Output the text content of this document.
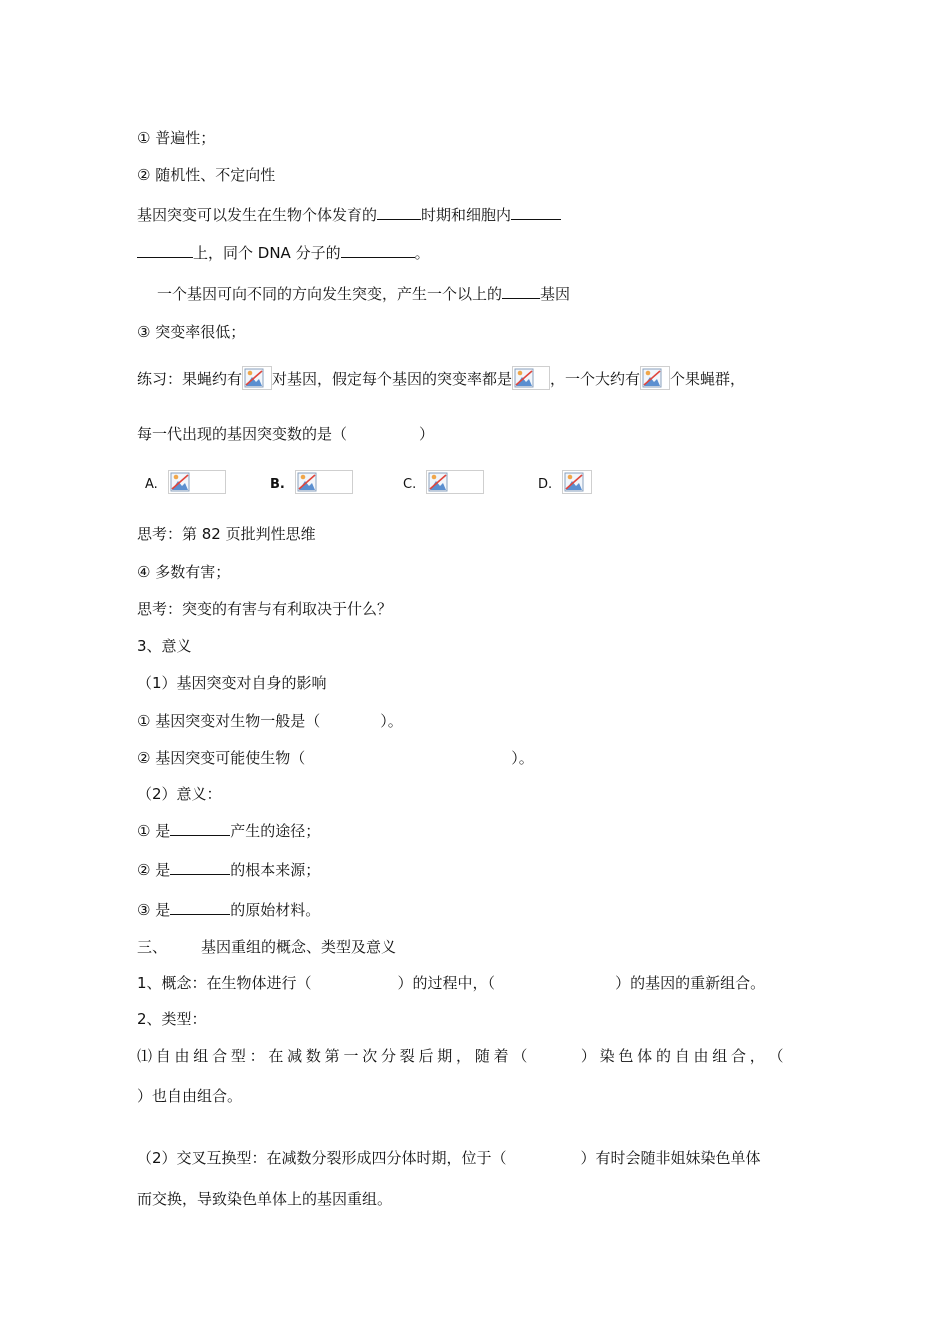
① 普遍性；
② 随机性、不定向性
基因突变可以发生在生物个体发育的	时期和细胞内
上，同个 DNA 分子的	。
一个基因可向不同的方向发生突变，产生一个以上的	基因
③ 突变率很低；
练习：果蝇约有 对基因，假定每个基因的突变率都是	，一个大约有 个果蝇群，
每一代出现的基因突变数的是（	）
A.	B.	C.	D.
思考：第 82 页批判性思维
④ 多数有害；
思考：突变的有害与有利取决于什么？
3、意义
（1）基因突变对自身的影响
① 基因突变对生物一般是（	）。
② 基因突变可能使生物（	）。
（2）意义：
① 是	产生的途径；
② 是	的根本来源；
③ 是	的原始材料。
三、 基因重组的概念、类型及意义
1、概念：在生物体进行（	）的过程中，（	）的基因的重新组合。
2、类型：
⑴ 自 由 组 合 型 ： 在 减 数 第 一 次 分 裂 后 期 ， 随 着 （	） 染 色 体 的 自 由 组 合 ， （
）也自由组合。
（2）交叉互换型：在减数分裂形成四分体时期，位于（	）有时会随非姐妹染色单体
而交换，导致染色单体上的基因重组。
